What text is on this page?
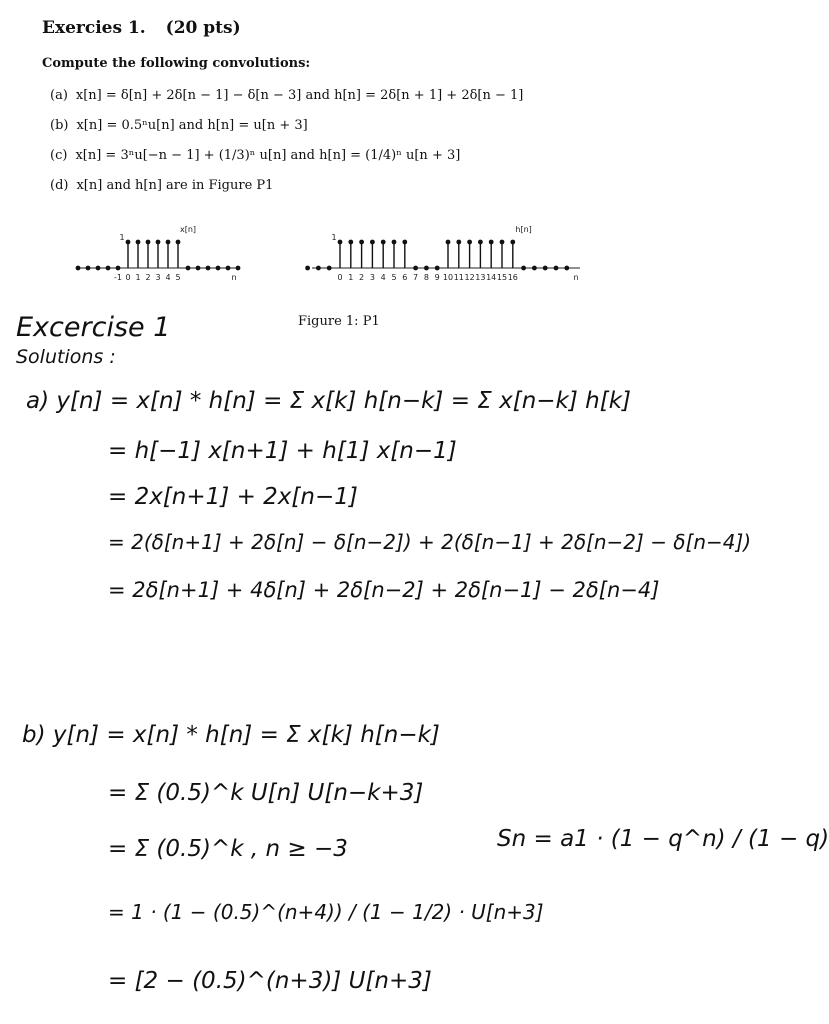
Exercies 1. (20 pts)
Compute the following convolutions:
(a) x[n] = δ[n] + 2δ[n − 1] − δ[n − 3] and h[n] = 2δ[n + 1] + 2δ[n − 1]
(b) x[n] = 0.5ⁿu[n] and h[n] = u[n + 3]
(c) x[n] = 3ⁿu[−n − 1] + (1/3)ⁿ u[n] and h[n] = (1/4)ⁿ u[n + 3]
(d) x[n] and h[n] are in Figure P1
-1 0 1 2 3 4 5
1
x[n]
n	0 1 2 3 4 5 6 7 8 9 10 11 12 13 14 15 16
1
h[n]
n
Figure 1: P1
Excercise 1
Solutions :
a) y[n] = x[n] * h[n] = Σ x[k] h[n−k] = Σ x[n−k] h[k]
= h[−1] x[n+1] + h[1] x[n−1]
= 2x[n+1] + 2x[n−1]
= 2(δ[n+1] + 2δ[n] − δ[n−2]) + 2(δ[n−1] + 2δ[n−2] − δ[n−4])
= 2δ[n+1] + 4δ[n] + 2δ[n−2] + 2δ[n−1] − 2δ[n−4]
b) y[n] = x[n] * h[n] = Σ x[k] h[n−k]
= Σ (0.5)^k U[n] U[n−k+3]
= Σ (0.5)^k , n ≥ −3
= 1 · (1 − (0.5)^(n+4)) / (1 − 1/2) · U[n+3]
= [2 − (0.5)^(n+3)] U[n+3]
Sn = a1 · (1 − q^n) / (1 − q)
